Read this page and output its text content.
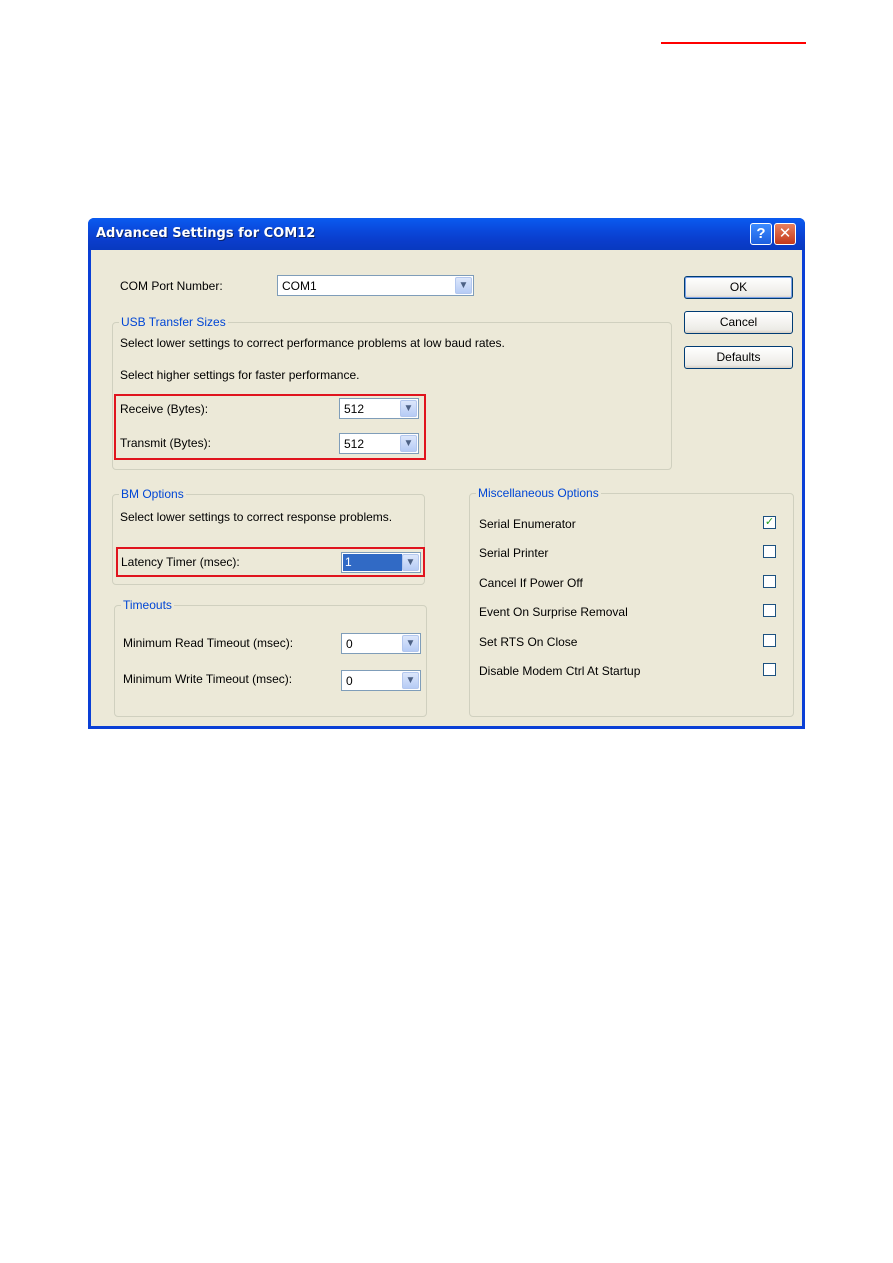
Advanced Settings for COM12	? ✕
COM Port Number:	COM1	▼	OK
Cancel
Defaults
USB Transfer Sizes
Select lower settings to correct performance problems at low baud rates.
Select higher settings for faster performance.
Receive (Bytes):	512	▼
Transmit (Bytes):	512	▼
BM Options
Select lower settings to correct response problems.
Latency Timer (msec):	1	▼
Timeouts
Minimum Read Timeout (msec):	0	▼
Minimum Write Timeout (msec):	0	▼
Miscellaneous Options
Serial Enumerator	✓
Serial Printer
Cancel If Power Off
Event On Surprise Removal
Set RTS On Close
Disable Modem Ctrl At Startup
